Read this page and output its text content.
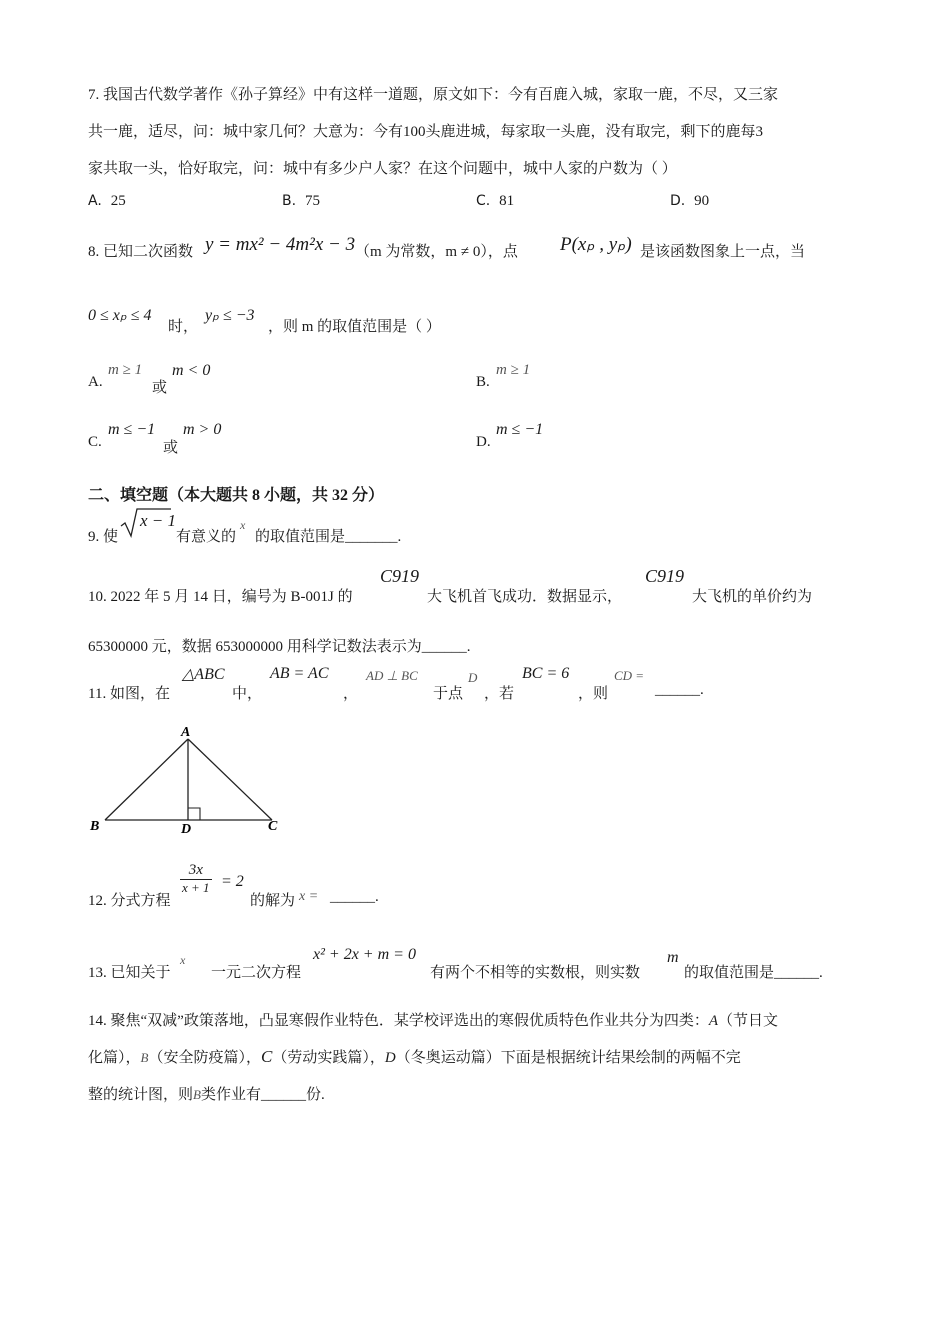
7. 我国古代数学著作《孙子算经》中有这样一道题，原文如下：今有百鹿入城，家取一鹿，不尽，又三家
共一鹿，适尽，问：城中家几何？大意为：今有100头鹿进城，每家取一头鹿，没有取完，剩下的鹿每3
家共取一头，恰好取完，问：城中有多少户人家？在这个问题中，城中人家的户数为（ ）
A. 25	B. 75	C. 81	D. 90
8. 已知二次函数 y = mx² − 4m²x − 3 （m 为常数，m ≠ 0），点 P(xₚ , yₚ) 是该函数图象上一点，当
0 ≤ xₚ ≤ 4
时，
yₚ ≤ −3
，则 m 的取值范围是（ ）
A.
m ≥ 1
或
m < 0
B.
m ≥ 1
C.
m ≤ −1
或
m > 0
D.
m ≤ −1
二、填空题（本大题共 8 小题，共 32 分）
9. 使
x − 1
有意义的
x
的取值范围是_______.
10. 2022 年 5 月 14 日，编号为 B-001J 的
C919
大飞机首飞成功．数据显示，
C919
大飞机的单价约为
65300000 元，数据 653000000 用科学记数法表示为______.
11. 如图，在
△ABC
中，
AB = AC
，
AD ⊥ BC
于点
D
，若
BC = 6
，则
CD =
______.
A
B	D	C
12. 分式方程
$\frac{3x}{x + 1} = 2$
的解为 x = ______.
13. 已知关于
x
一元二次方程
x² + 2x + m = 0
有两个不相等的实数根，则实数
m
的取值范围是______.
14. 聚焦“双减”政策落地，凸显寒假作业特色．某学校评选出的寒假优质特色作业共分为四类：A（节日文
化篇），B（安全防疫篇），C（劳动实践篇），D（冬奥运动篇）下面是根据统计结果绘制的两幅不完
整的统计图，则B类作业有______份.
